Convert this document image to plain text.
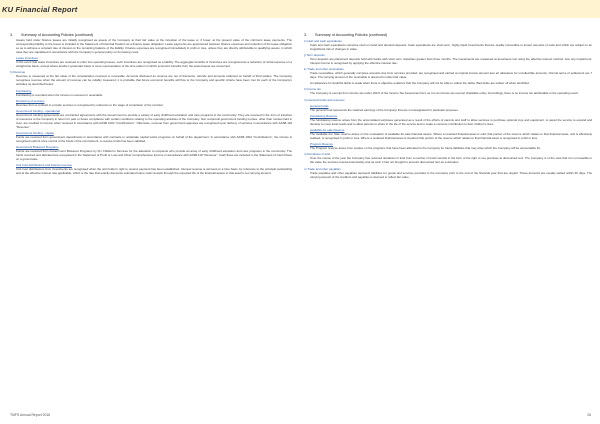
KU Financial Report
3. Summary of Accounting Policies (continued)

Assets held under finance leases are initially recognised as assets of the Company at their fair value at the inception of the lease or, if lower, at the present value of the minimum lease payments. The corresponding liability to the lessor is included in the Statement of Financial Position as a finance lease obligation. Lease payments are apportioned between finance expenses and reduction of the lease obligation so as to achieve a constant rate of interest on the remaining balance of the liability. Finance expenses are recognised immediately in profit or loss, unless they are directly attributable to qualifying assets, in which case they are capitalised in accordance with the Company's general policy on borrowing costs.

Lease incentives

In the event that lease incentives are received to enter into operating leases, such incentives are recognised as a liability. The aggregate benefits of incentives are recognised as a reduction of rental expense on a straight-line basis, except where another systematic basis is more representative of the time pattern in which economic benefits from the leased asset are consumed.

h) Revenue

Revenue is measured at the fair value of the consideration received or receivable. Amounts disclosed as revenue are net of discounts, refunds and amounts collected on behalf of third parties. The Company recognises revenue when the amount of revenue can be reliably measured, it is probable that future economic benefits will flow to the Company and specific criteria have been met for each of the Company's activities as described below.

Fundraising

Fundraising is recorded when the income is received or receivable.

Rendering of services

Revenue from a contract to provide services is recognised by reference to the stage of completion of the contract.

Government funding - operational

Government funding agreements are contracted agreements with the Government to provide a variety of early childhood education and care programs in the community. They are received in the form of tranches of resources to the Company in return for past or future compliance with certain conditions relating to the operating activities of the Company. Non reciprocal government funding monies, other than monies held in trust, are credited to income when received in accordance with AASB 1004 "Contributions". Otherwise, revenue from government agencies are recognised upon delivery of services in accordance with AASB 118 "Revenue".

Government funding - capital

Funds are received from government departments in accordance with contracts to undertake capital works programs on behalf of the department. In accordance with AASB 1004 "Contributions", the income is recognised upfront once control of the funds of the commitment, to receive funds has been satisfied.

Government Brokered Programs

Funds are received from Government Brokered Programs by KU Children's Services for the allocation to recipients who provide an array of early childhood education and care programs in the community. The funds received and allocated are recognised in the Statement of Profit or Loss and Other Comprehensive Income in accordance with AASB 118 "Revenue". Cash flows are included in the Statement of Cash Flows on a gross basis.

Unit trust distributions and interest revenue

Unit trust distributions from investments are recognised when the unit holder's right to receive payment has been established. Interest revenue is accrued on a time basis, by reference to the principal outstanding and at the effective interest rate applicable, which is the rate that exactly discounts estimated future cash receipts through the expected life of the financial assets to that asset's net carrying amount.

3. Summary of Accounting Policies (continued)
i) Cash and cash equivalents

Cash and cash equivalents comprise cash on hand and demand deposits. Cash equivalents are short-term, highly liquid investments that are readily convertible to known amounts of cash and which are subject to an insignificant risk of changes in value.

j) Term deposits

Term deposits are placement deposits held with banks with short term maturities greater than three months. The investments are measured at amortised cost using the effective interest method, less any impairment. Interest income is recognised by applying the effective interest rate.

k) Trade and other receivables

Trade receivables, which generally comprise amounts due from services provided, are recognised and carried at original invoice amount less an allowance for uncollectible amounts. Normal terms of settlement are 7 days. The carrying amount of the receivable is deemed to reflect fair value.

An allowance for doubtful debts is made when there is objective evidence that the Company will not be able to collect the debts. Bad debts are written off when identified.

l) Income tax

The Company is exempt from income tax under s50-5 of the Income Tax Assessment Act, as it is an income tax exempt charitable entity. Accordingly, there is no income tax attributable to the operating result.

m) General funds and reserves
General funds

The general fund represents the retained earnings of the Company that are not designated for particular purposes.

Fundraising Reserve

The fundraising reserve arises from the accumulated surpluses generated as a result of the efforts of parents and staff to allow services to purchase optional toys and equipment, to assist the service to expand and develop to meet local needs and to allow parents to share in the life of the service and to make a concrete contribution to their children's lives.

Available-for-sale Reserve

The Available-For Sale reserve arises on the revaluation of available-for-sale financial assets. Where a revalued financial asset is sold, that portion of the reserve which relates to that financial asset, and is effectively realised, is recognised in profit or loss. Where a revalued financial asset is impaired that portion of the reserve which relates to that financial asset is recognised in profit or loss.

Program Reserve

The Program reserve arises from surplus on the programs that have been allocated to the Company for future liabilities that may arise which the Company will be accountable for.

n) Donations in kind

Over the course of the year the Company has received donations in kind from a number of local councils in the form of the right to use premises at discounted rent. The Company is of the view that it is not feasible to fair value the services received accurately and as such it has not brought to account discounted rent as a donation.

o) Trade and other payables

Trade payables and other payables represent liabilities for goods and services provided to the Company prior to the end of the financial year that are unpaid. These amounts are usually settled within 30 days. The carrying amount of the creditors and payables is deemed to reflect fair value.

TMFS Annual Report 2016	26
